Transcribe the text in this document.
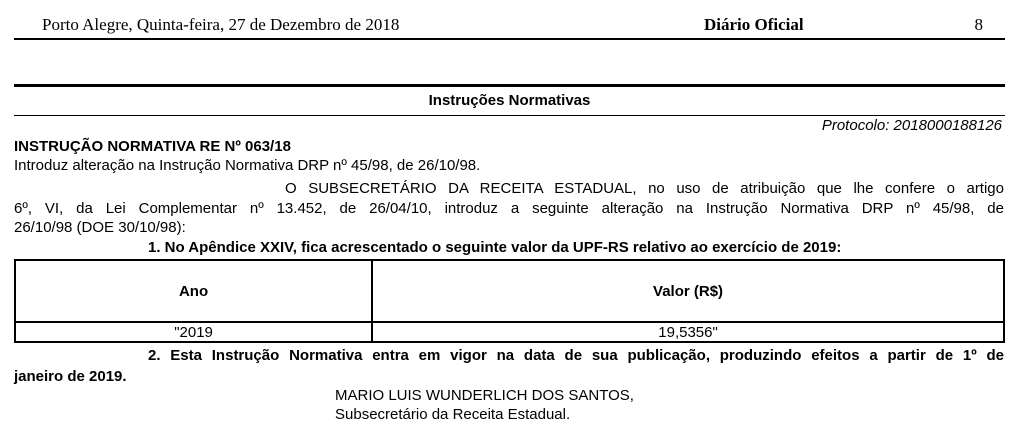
Porto Alegre, Quinta-feira, 27 de Dezembro de 2018	Diário Oficial	8
Instruções Normativas
Protocolo: 2018000188126
INSTRUÇÃO NORMATIVA RE Nº 063/18
Introduz alteração na Instrução Normativa DRP nº 45/98, de 26/10/98.
O SUBSECRETÁRIO DA RECEITA ESTADUAL, no uso de atribuição que lhe confere o artigo
6º, VI, da Lei Complementar nº 13.452, de 26/04/10, introduz a seguinte alteração na Instrução Normativa DRP nº 45/98, de
26/10/98 (DOE 30/10/98):
1. No Apêndice XXIV, fica acrescentado o seguinte valor da UPF-RS relativo ao exercício de 2019:
Ano	Valor (R$)
"2019	19,5356"
2. Esta Instrução Normativa entra em vigor na data de sua publicação, produzindo efeitos a partir de 1º de
janeiro de 2019.
MARIO LUIS WUNDERLICH DOS SANTOS,
Subsecretário da Receita Estadual.
